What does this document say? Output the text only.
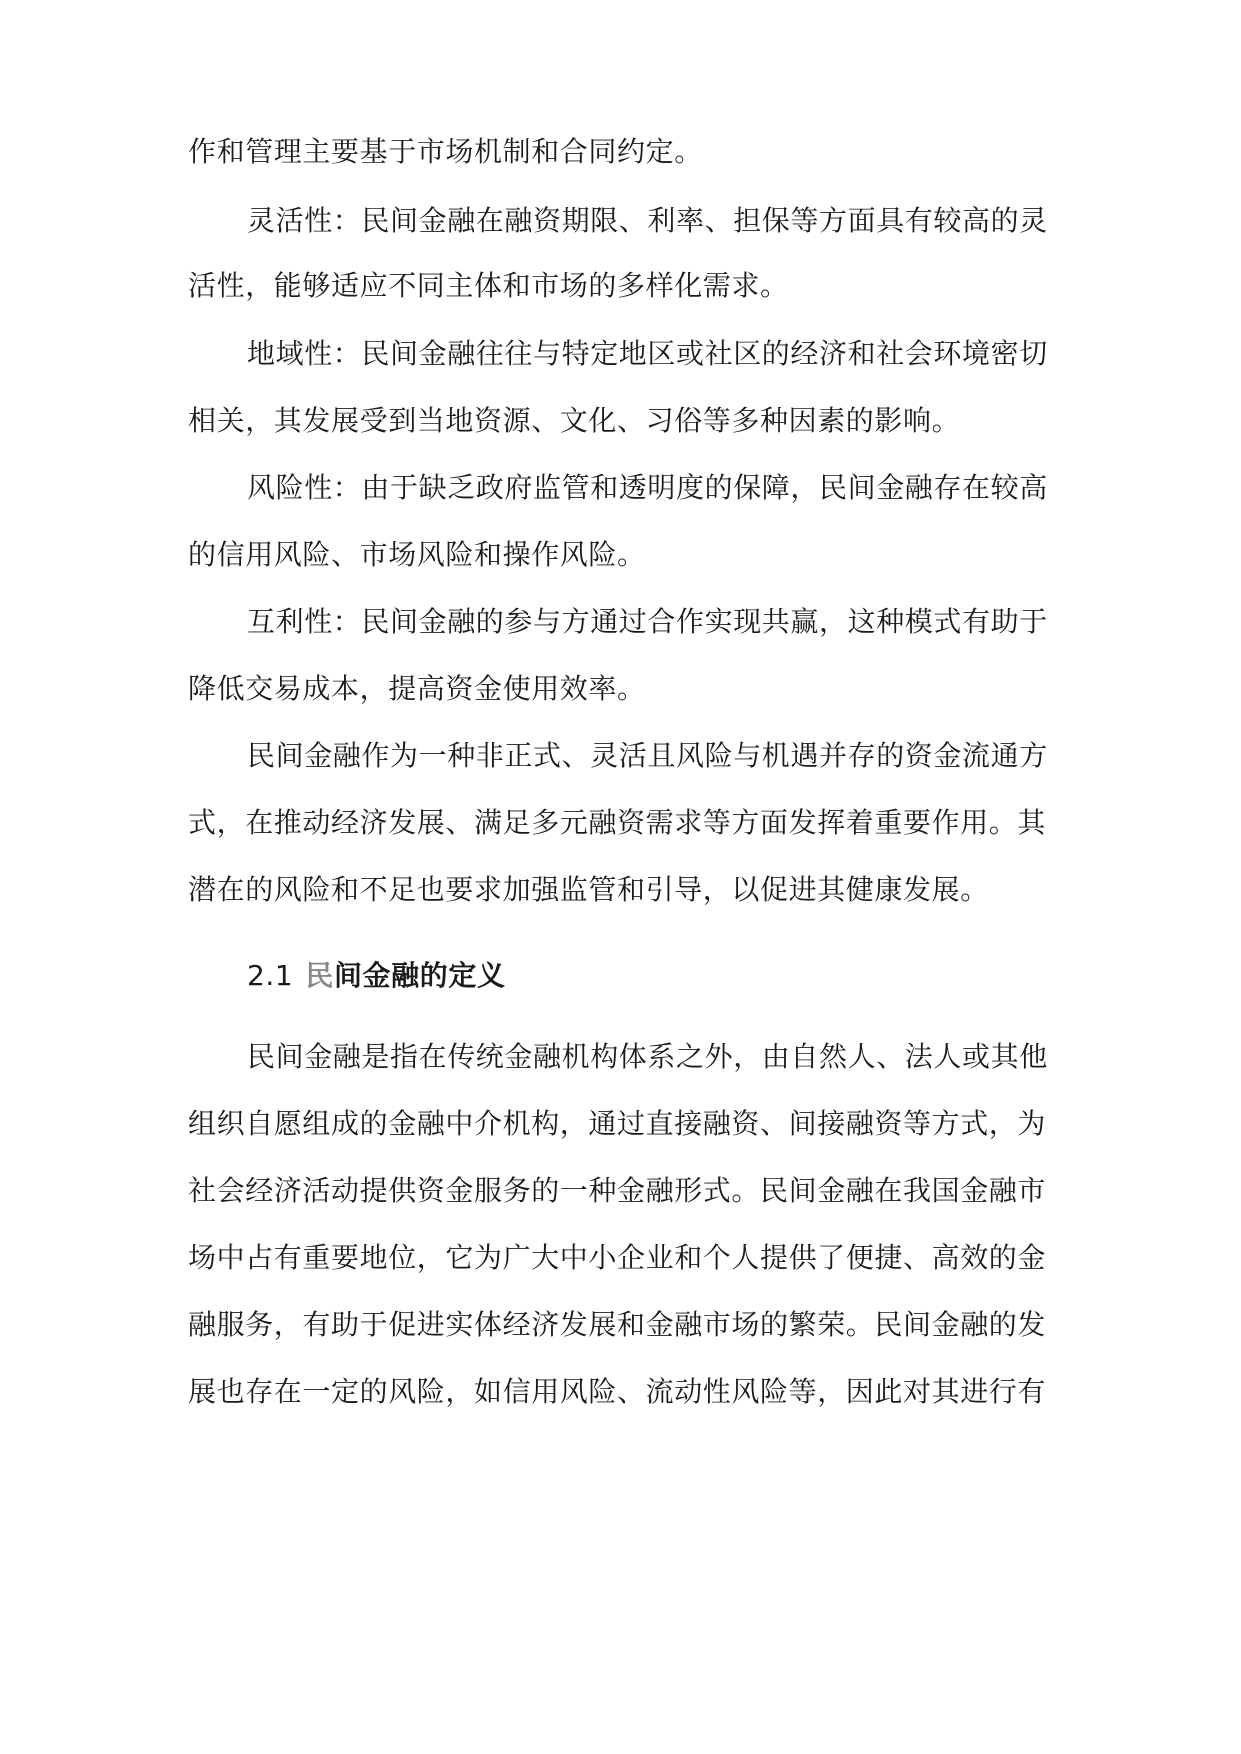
作和管理主要基于市场机制和合同约定。
灵活性：民间金融在融资期限、利率、担保等方面具有较高的灵
活性，能够适应不同主体和市场的多样化需求。
地域性：民间金融往往与特定地区或社区的经济和社会环境密切
相关，其发展受到当地资源、文化、习俗等多种因素的影响。
风险性：由于缺乏政府监管和透明度的保障，民间金融存在较高
的信用风险、市场风险和操作风险。
互利性：民间金融的参与方通过合作实现共赢，这种模式有助于
降低交易成本，提高资金使用效率。
民间金融作为一种非正式、灵活且风险与机遇并存的资金流通方
式，在推动经济发展、满足多元融资需求等方面发挥着重要作用。其
潜在的风险和不足也要求加强监管和引导，以促进其健康发展。
2.1 民间金融的定义
民间金融是指在传统金融机构体系之外，由自然人、法人或其他
组织自愿组成的金融中介机构，通过直接融资、间接融资等方式，为
社会经济活动提供资金服务的一种金融形式。民间金融在我国金融市
场中占有重要地位，它为广大中小企业和个人提供了便捷、高效的金
融服务，有助于促进实体经济发展和金融市场的繁荣。民间金融的发
展也存在一定的风险，如信用风险、流动性风险等，因此对其进行有
